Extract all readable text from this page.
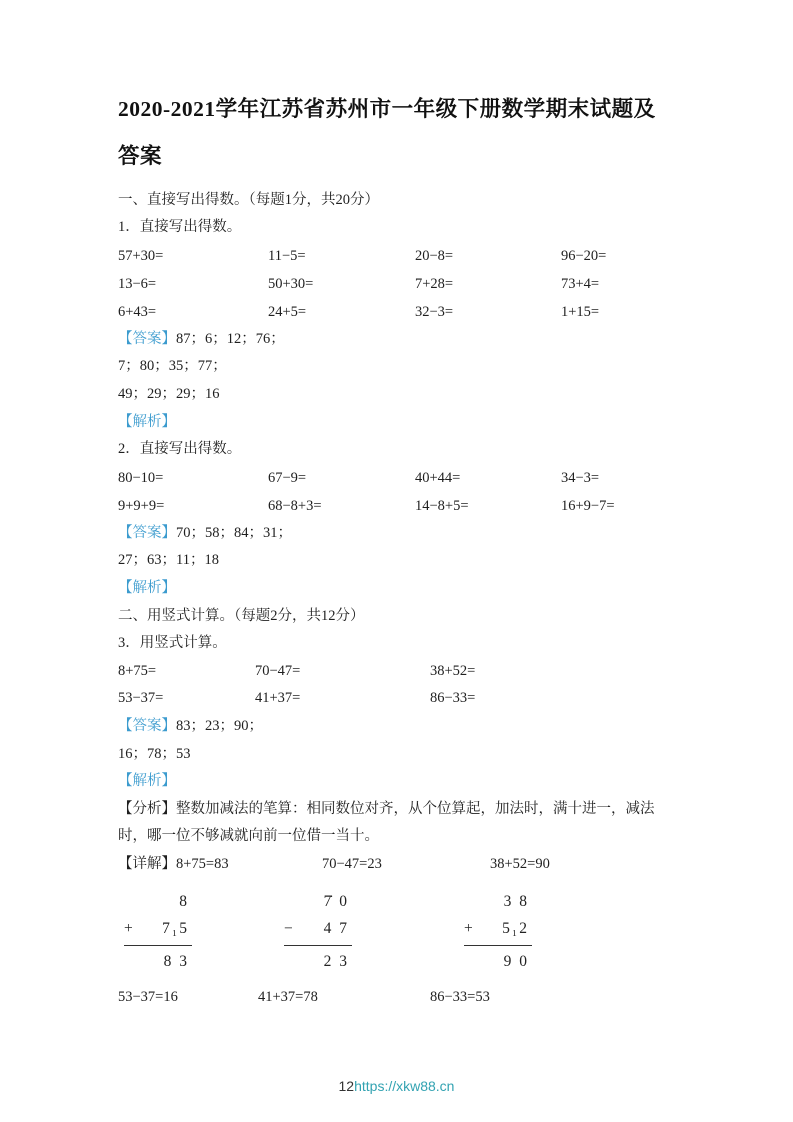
2020-2021学年江苏省苏州市一年级下册数学期末试题及答案

一、直接写出得数。（每题1分，共20分）

1．直接写出得数。

57+30=	11−5=	20−8=	96−20=
13−6=	50+30=	7+28=	73+4=
6+43=	24+5=	32−3=	1+15=

【答案】87；6；12；76；

7；80；35；77；

49；29；29；16

【解析】

2．直接写出得数。

80−10=	67−9=	40+44=	34−3=
9+9+9=	68−8+3=	14−8+5=	16+9−7=

【答案】70；58；84；31；

27；63；11；18

【解析】

二、用竖式计算。（每题2分，共12分）

3．用竖式计算。

8+75=	70−47=	38+52=
53−37=	41+37=	86−33=

【答案】83；23；90；

16；78；53

【解析】

【分析】整数加减法的笔算：相同数位对齐，从个位算起，加法时，满十进一，减法时，哪一位不够减就向前一位借一当十。

【详解】8+75=83	70−47=23	38+52=90
8
+ 7₁5
8 3
7̇ 0
− 4 7
2 3
3 8
+ 5₁2
9 0
53−37=16	41+37=78	86−33=53
12https://xkw88.cn
